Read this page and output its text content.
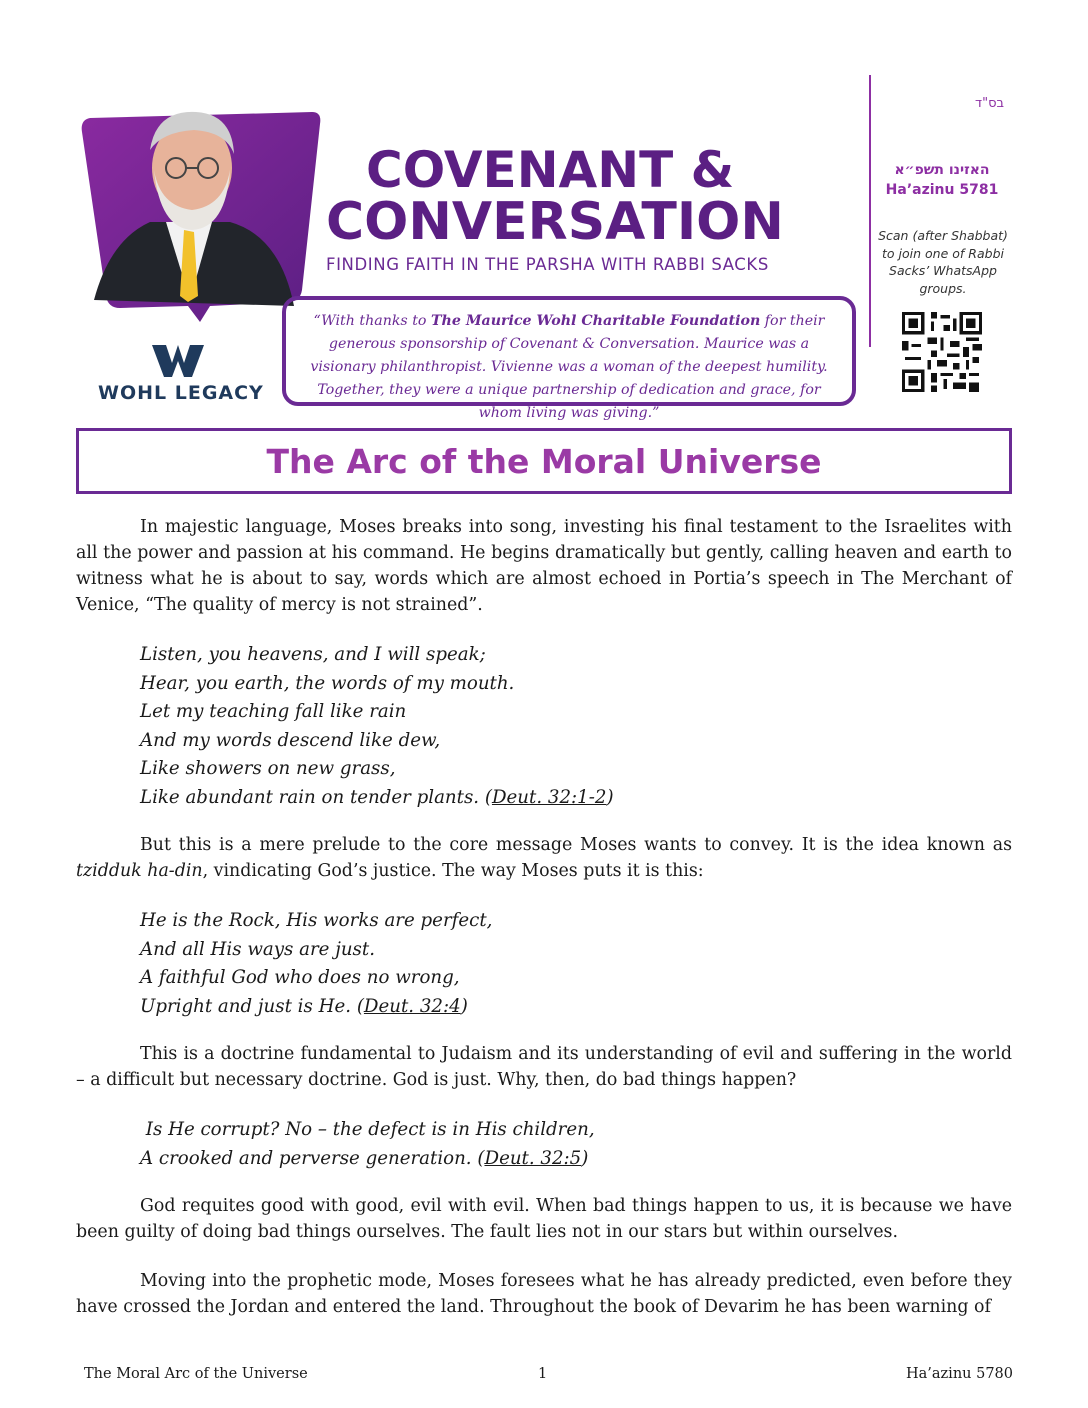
WOHL LEGACY
COVENANT &
CONVERSATION
FINDING FAITH IN THE PARSHA WITH RABBI SACKS
“With thanks to The Maurice Wohl Charitable Foundation for their generous sponsorship of Covenant & Conversation. Maurice was a visionary philanthropist. Vivienne was a woman of the deepest humility. Together, they were a unique partnership of dedication and grace, for whom living was giving.”
בס"ד
האזינו תשפ״א
Ha’azinu 5781
Scan (after Shabbat) to join one of Rabbi Sacks’ WhatsApp groups.
The Arc of the Moral Universe

In majestic language, Moses breaks into song, investing his final testament to the Israelites with all the power and passion at his command. He begins dramatically but gently, calling heaven and earth to witness what he is about to say, words which are almost echoed in Portia’s speech in The Merchant of Venice, “The quality of mercy is not strained”.

Listen, you heavens, and I will speak;
Hear, you earth, the words of my mouth.
Let my teaching fall like rain
And my words descend like dew,
Like showers on new grass,
Like abundant rain on tender plants. (Deut. 32:1-2)

But this is a mere prelude to the core message Moses wants to convey. It is the idea known as tzidduk ha-din, vindicating God’s justice. The way Moses puts it is this:

He is the Rock, His works are perfect,
And all His ways are just.
A faithful God who does no wrong,
Upright and just is He. (Deut. 32:4)

This is a doctrine fundamental to Judaism and its understanding of evil and suffering in the world – a difficult but necessary doctrine. God is just. Why, then, do bad things happen?

Is He corrupt? No – the defect is in His children,
A crooked and perverse generation. (Deut. 32:5)

God requites good with good, evil with evil. When bad things happen to us, it is because we have been guilty of doing bad things ourselves. The fault lies not in our stars but within ourselves.

Moving into the prophetic mode, Moses foresees what he has already predicted, even before they have crossed the Jordan and entered the land. Throughout the book of Devarim he has been warning of

The Moral Arc of the Universe	1	Ha’azinu 5780
